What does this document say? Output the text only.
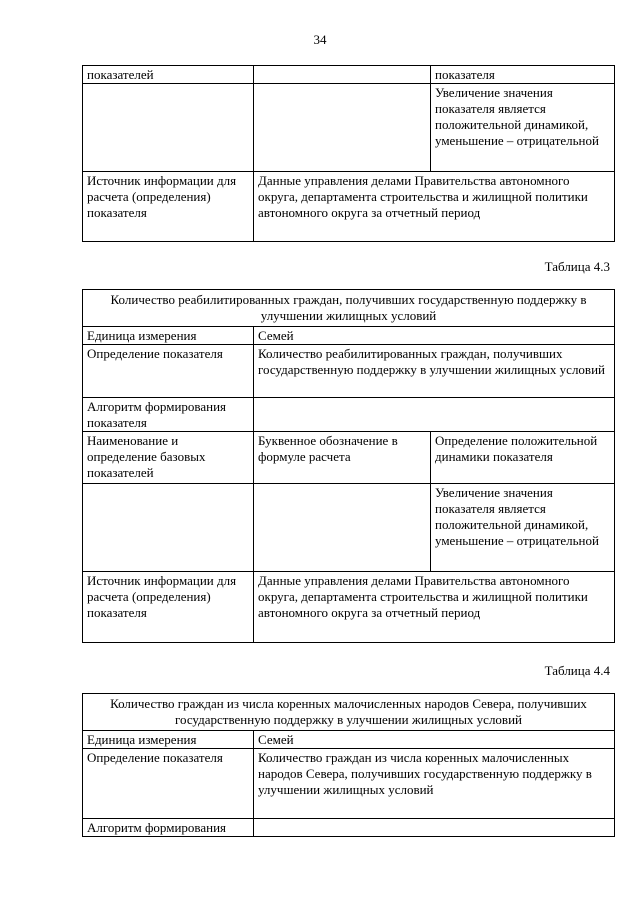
34
показателей		показателя
		Увеличение значения показателя является положительной динамикой, уменьшение – отрицательной
Источник информации для расчета (определения) показателя	Данные управления делами Правительства автономного округа, департамента строительства и жилищной политики автономного округа за отчетный период	
Таблица 4.3
Количество реабилитированных граждан, получивших государственную поддержку в улучшении жилищных условий		
Единица измерения	Семей	
Определение показателя	Количество реабилитированных граждан, получивших государственную поддержку в улучшении жилищных условий	
Алгоритм формирования показателя		
Наименование и определение базовых показателей	Буквенное обозначение в формуле расчета	Определение положительной динамики показателя
		Увеличение значения показателя является положительной динамикой, уменьшение – отрицательной
Источник информации для расчета (определения) показателя	Данные управления делами Правительства автономного округа, департамента строительства и жилищной политики автономного округа за отчетный период	
Таблица 4.4
Количество граждан из числа коренных малочисленных народов Севера, получивших государственную поддержку в улучшении жилищных условий	
Единица измерения	Семей
Определение показателя	Количество граждан из числа коренных малочисленных народов Севера, получивших государственную поддержку в улучшении жилищных условий
Алгоритм формирования	
